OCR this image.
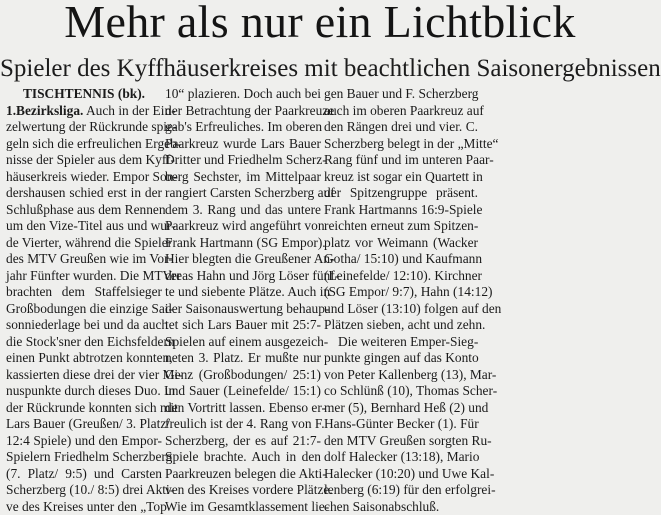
Mehr als nur ein Lichtblick
Spieler des Kyffhäuserkreises mit beachtlichen Saisonergebnissen
TISCHTENNIS (bk).
1.Bezirksliga. Auch in der Ein-
zelwertung der Rückrunde spie-
geln sich die erfreulichen Ergeb-
nisse der Spieler aus dem Kyff-
häuserkreis wieder. Empor Son-
dershausen schied erst in der
Schlußphase aus dem Rennen
um den Vize-Titel aus und wur-
de Vierter, während die Spieler
des MTV Greußen wie im Vor-
jahr Fünfter wurden. Die MTVer
brachten dem Staffelsieger
Großbodungen die einzige Sai-
sonniederlage bei und da auch
die Stock'sner den Eichsfeldern
einen Punkt abtrotzen konnten,
kassierten diese drei der vier Mi-
nuspunkte durch dieses Duo. In
der Rückrunde konnten sich mit
Lars Bauer (Greußen/ 3. Platz/
12:4 Spiele) und den Empor-
Spielern Friedhelm Scherzberg
(7. Platz/ 9:5) und Carsten
Scherzberg (10./ 8:5) drei Akti-
ve des Kreises unter den „Top
10“ plazieren. Doch auch bei
der Betrachtung der Paarkreuze
gab's Erfreuliches. Im oberen
Paarkreuz wurde Lars Bauer
Dritter und Friedhelm Scherz-
berg Sechster, im Mittelpaar
rangiert Carsten Scherzberg auf
dem 3. Rang und das untere
Paarkreuz wird angeführt von
Frank Hartmann (SG Empor).
Hier blegten die Greußener An-
dreas Hahn und Jörg Löser fünf-
te und siebente Plätze. Auch in
der Saisonauswertung behaup-
tet sich Lars Bauer mit 25:7-
Spielen auf einem ausgezeich-
neten 3. Platz. Er mußte nur
Genz (Großbodungen/ 25:1)
und Sauer (Leinefelde/ 15:1)
den Vortritt lassen. Ebenso er-
freulich ist der 4. Rang von F.
Scherzberg, der es auf 21:7-
Spiele brachte. Auch in den
Paarkreuzen belegen die Akti-
ven des Kreises vordere Plätze.
Wie im Gesamtklassement lie-
gen Bauer und F. Scherzberg
auch im oberen Paarkreuz auf
den Rängen drei und vier. C.
Scherzberg belegt in der „Mitte“
Rang fünf und im unteren Paar-
kreuz ist sogar ein Quartett in
der Spitzengruppe präsent.
Frank Hartmanns 16:9-Spiele
reichten erneut zum Spitzen-
platz vor Weimann (Wacker
Gotha/ 15:10) und Kaufmann
(Leinefelde/ 12:10). Kirchner
(SG Empor/ 9:7), Hahn (14:12)
und Löser (13:10) folgen auf den
Plätzen sieben, acht und zehn.
Die weiteren Emper-Sieg-
punkte gingen auf das Konto
von Peter Kallenberg (13), Mar-
co Schlünß (10), Thomas Scher-
mer (5), Bernhard Heß (2) und
Hans-Günter Becker (1). Für
den MTV Greußen sorgten Ru-
dolf Halecker (13:18), Mario
Halecker (10:20) und Uwe Kal-
lenberg (6:19) für den erfolgrei-
chen Saisonabschluß.
